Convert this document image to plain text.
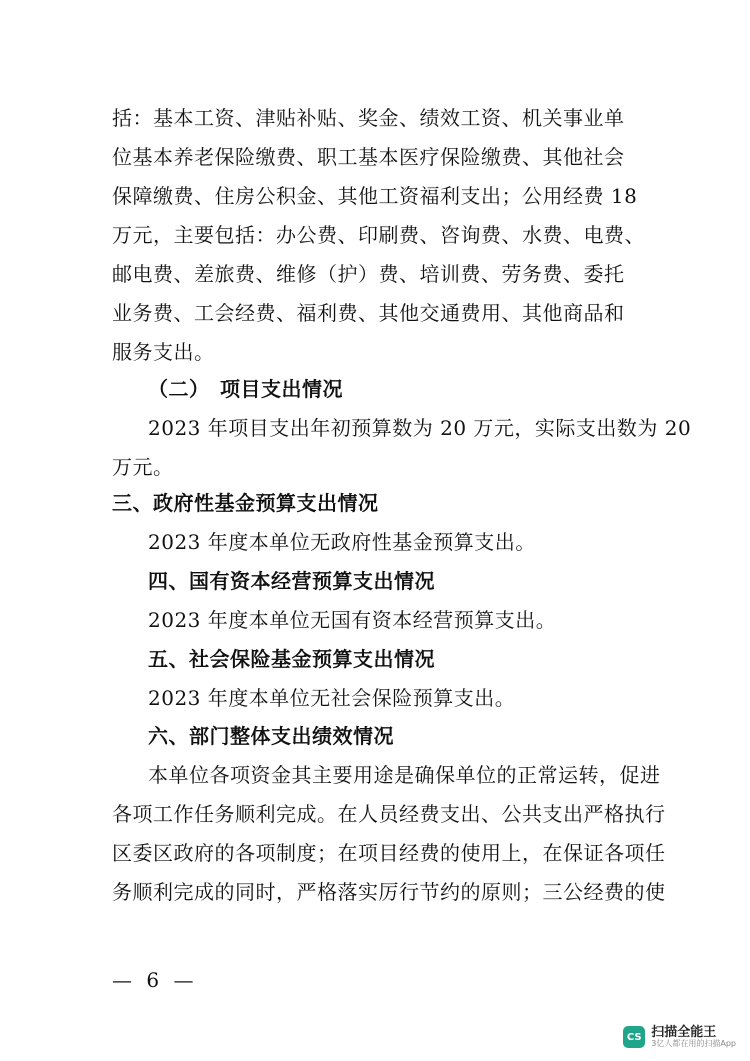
括：基本工资、津贴补贴、奖金、绩效工资、机关事业单
位基本养老保险缴费、职工基本医疗保险缴费、其他社会
保障缴费、住房公积金、其他工资福利支出；公用经费 18
万元，主要包括：办公费、印刷费、咨询费、水费、电费、
邮电费、差旅费、维修（护）费、培训费、劳务费、委托
业务费、工会经费、福利费、其他交通费用、其他商品和
服务支出。
（二）　项目支出情况
2023 年项目支出年初预算数为 20 万元，实际支出数为 20
万元。
三、政府性基金预算支出情况
2023 年度本单位无政府性基金预算支出。
四、国有资本经营预算支出情况
2023 年度本单位无国有资本经营预算支出。
五、社会保险基金预算支出情况
2023 年度本单位无社会保险预算支出。
六、部门整体支出绩效情况
本单位各项资金其主要用途是确保单位的正常运转，促进
各项工作任务顺利完成。在人员经费支出、公共支出严格执行
区委区政府的各项制度；在项目经费的使用上，在保证各项任
务顺利完成的同时，严格落实厉行节约的原则；三公经费的使
— 6 —
CS 扫描全能王
3亿人都在用的扫描App
